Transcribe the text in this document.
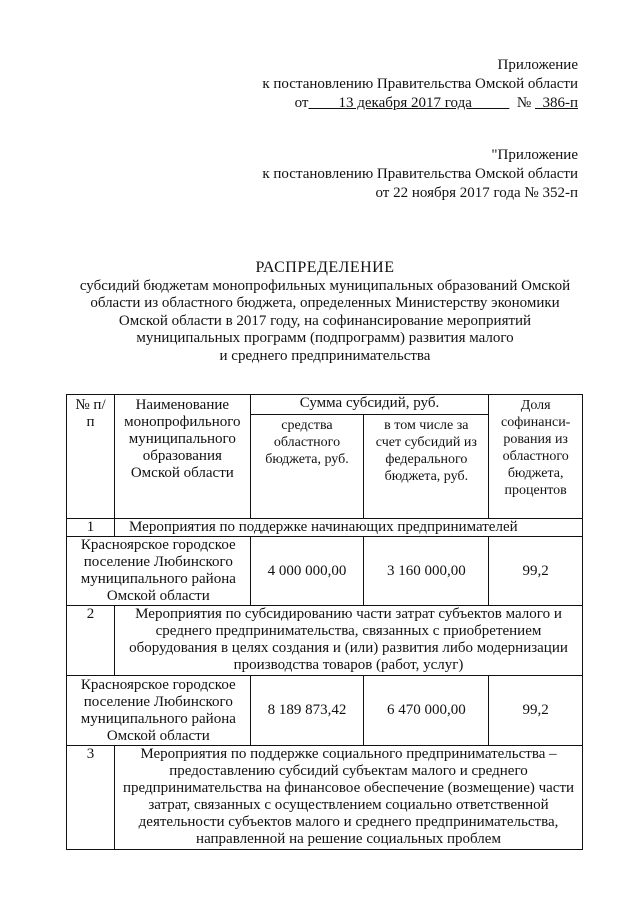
Приложение
к постановлению Правительства Омской области
от 13 декабря 2017 года	№ 386-п
"Приложение
к постановлению Правительства Омской области
от 22 ноября 2017 года № 352-п
РАСПРЕДЕЛЕНИЕ
субсидий бюджетам монопрофильных муниципальных образований Омской
области из областного бюджета, определенных Министерству экономики
Омской области в 2017 году, на софинансирование мероприятий
муниципальных программ (подпрограмм) развития малого
и среднего предпринимательства
№ п/п	Наименование монопрофильного муниципального образования Омской области	Сумма субсидий, руб.		Доля софинанси-рования из областного бюджета, процентов
		средства областного бюджета, руб.	в том числе за счет субсидий из федерального бюджета, руб.	
1	Мероприятия по поддержке начинающих предпринимателей			
Красноярское городское поселение Любинского муниципального района Омской области		4 000 000,00	3 160 000,00	99,2
2	Мероприятия по субсидированию части затрат субъектов малого и среднего предпринимательства, связанных с приобретением оборудования в целях создания и (или) развития либо модернизации производства товаров (работ, услуг)			
Красноярское городское поселение Любинского муниципального района Омской области		8 189 873,42	6 470 000,00	99,2
3	Мероприятия по поддержке социального предпринимательства – предоставлению субсидий субъектам малого и среднего предпринимательства на финансовое обеспечение (возмещение) части затрат, связанных с осуществлением социально ответственной деятельности субъектов малого и среднего предпринимательства, направленной на решение социальных проблем			
